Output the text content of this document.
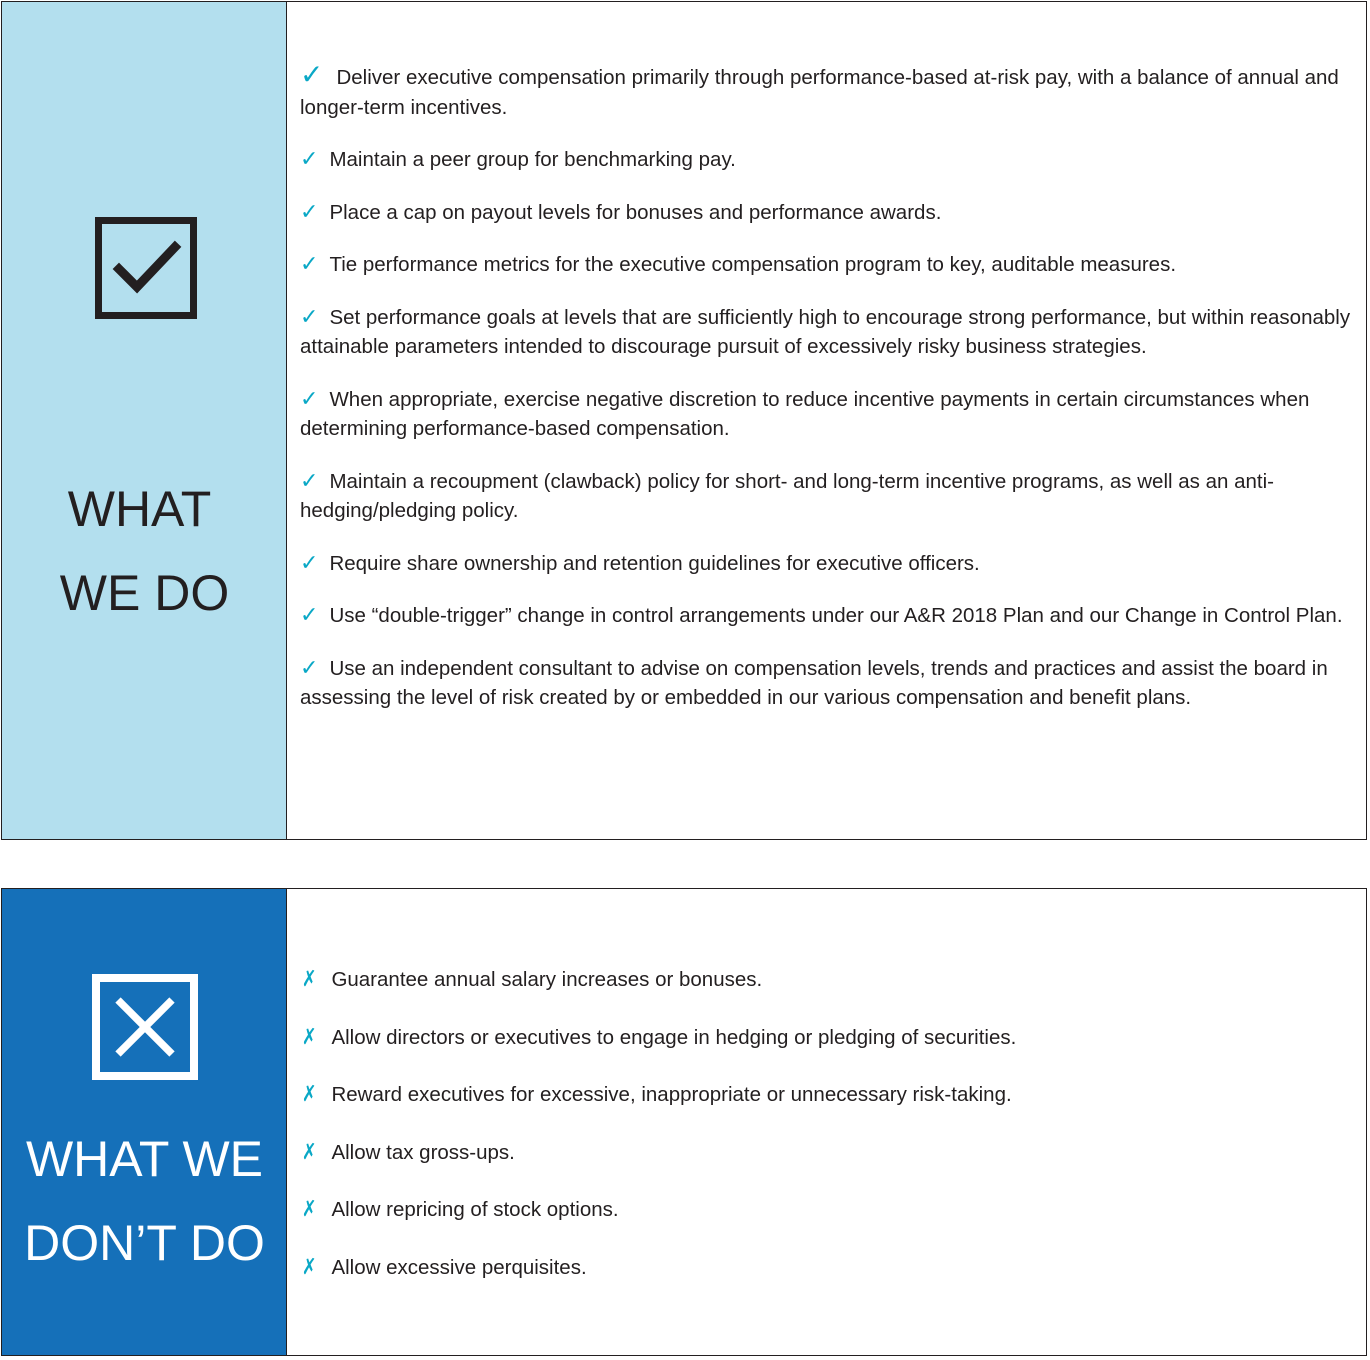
WHAT
WE DO
✓ Deliver executive compensation primarily through performance-based at-risk pay, with a balance of annual and longer-term incentives.
✓ Maintain a peer group for benchmarking pay.
✓ Place a cap on payout levels for bonuses and performance awards.
✓ Tie performance metrics for the executive compensation program to key, auditable measures.
✓ Set performance goals at levels that are sufficiently high to encourage strong performance, but within reasonably attainable parameters intended to discourage pursuit of excessively risky business strategies.
✓ When appropriate, exercise negative discretion to reduce incentive payments in certain circumstances when determining performance-based compensation.
✓ Maintain a recoupment (clawback) policy for short- and long-term incentive programs, as well as an anti-hedging/pledging policy.
✓ Require share ownership and retention guidelines for executive officers.
✓ Use “double-trigger” change in control arrangements under our A&R 2018 Plan and our Change in Control Plan.
✓ Use an independent consultant to advise on compensation levels, trends and practices and assist the board in assessing the level of risk created by or embedded in our various compensation and benefit plans.
WHAT WE
DON’T DO
✗ Guarantee annual salary increases or bonuses.
✗ Allow directors or executives to engage in hedging or pledging of securities.
✗ Reward executives for excessive, inappropriate or unnecessary risk-taking.
✗ Allow tax gross-ups.
✗ Allow repricing of stock options.
✗ Allow excessive perquisites.
